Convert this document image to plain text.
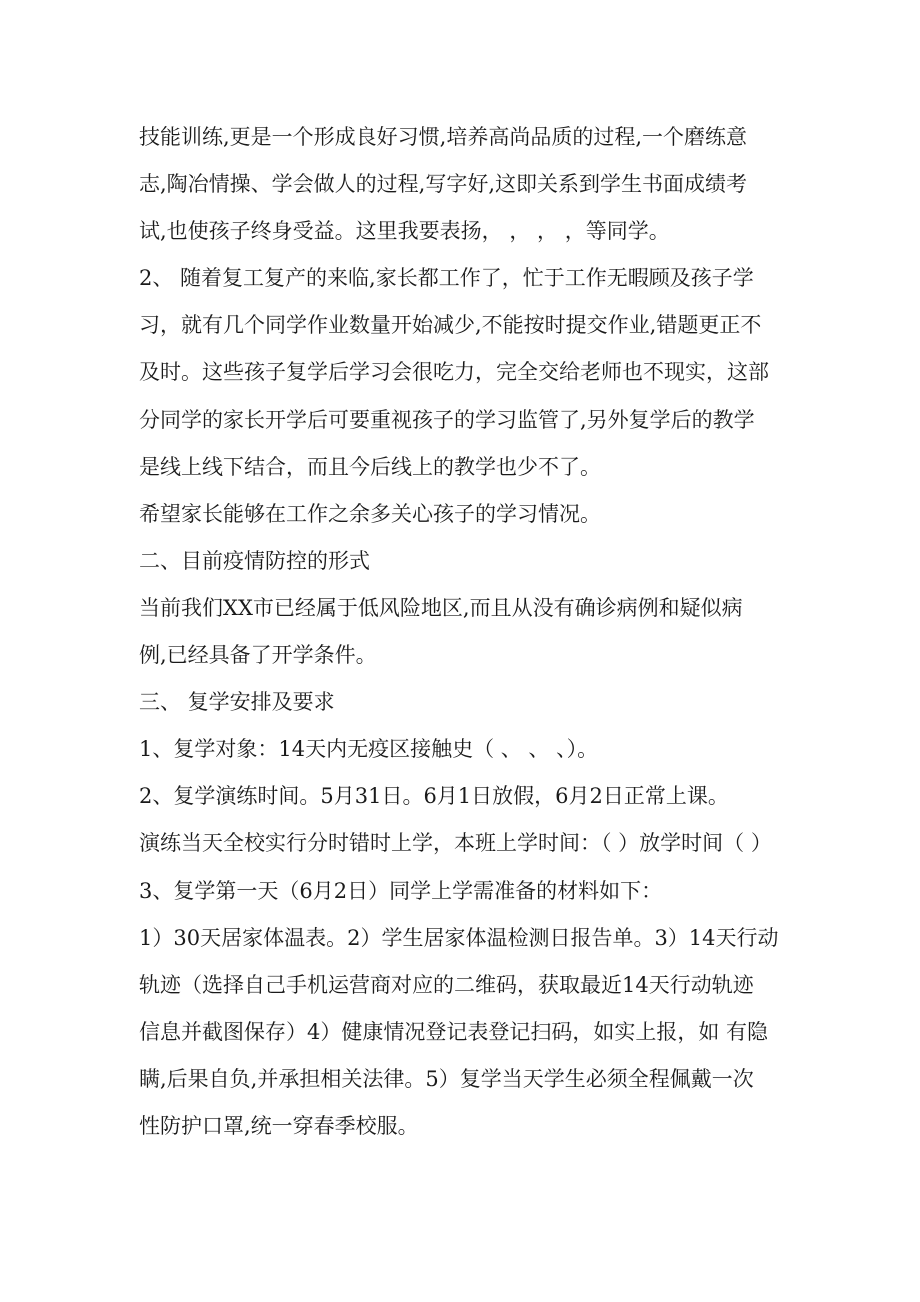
技能训练,更是一个形成良好习惯,培养高尚品质的过程,一个磨练意
志,陶冶情操、学会做人的过程,写字好,这即关系到学生书面成绩考
试,也使孩子终身受益。这里我要表扬， ， ， ，等同学。
2、 随着复工复产的来临,家长都工作了，忙于工作无暇顾及孩子学
习，就有几个同学作业数量开始减少,不能按时提交作业,错题更正不
及时。这些孩子复学后学习会很吃力，完全交给老师也不现实，这部
分同学的家长开学后可要重视孩子的学习监管了,另外复学后的教学
是线上线下结合，而且今后线上的教学也少不了。
希望家长能够在工作之余多关心孩子的学习情况。
二、目前疫情防控的形式
当前我们XX市已经属于低风险地区,而且从没有确诊病例和疑似病
例,已经具备了开学条件。
三、 复学安排及要求
1、复学对象：14天内无疫区接触史（ 、 、 、）。
2、复学演练时间。5月31日。6月1日放假，6月2日正常上课。
演练当天全校实行分时错时上学，本班上学时间：（ ）放学时间（ ）
3、复学第一天（6月2日）同学上学需准备的材料如下：
1）30天居家体温表。2）学生居家体温检测日报告单。3）14天行动
轨迹（选择自己手机运营商对应的二维码，获取最近14天行动轨迹
信息并截图保存）4）健康情况登记表登记扫码，如实上报，如 有隐
瞒,后果自负,并承担相关法律。5）复学当天学生必须全程佩戴一次
性防护口罩,统一穿春季校服。
